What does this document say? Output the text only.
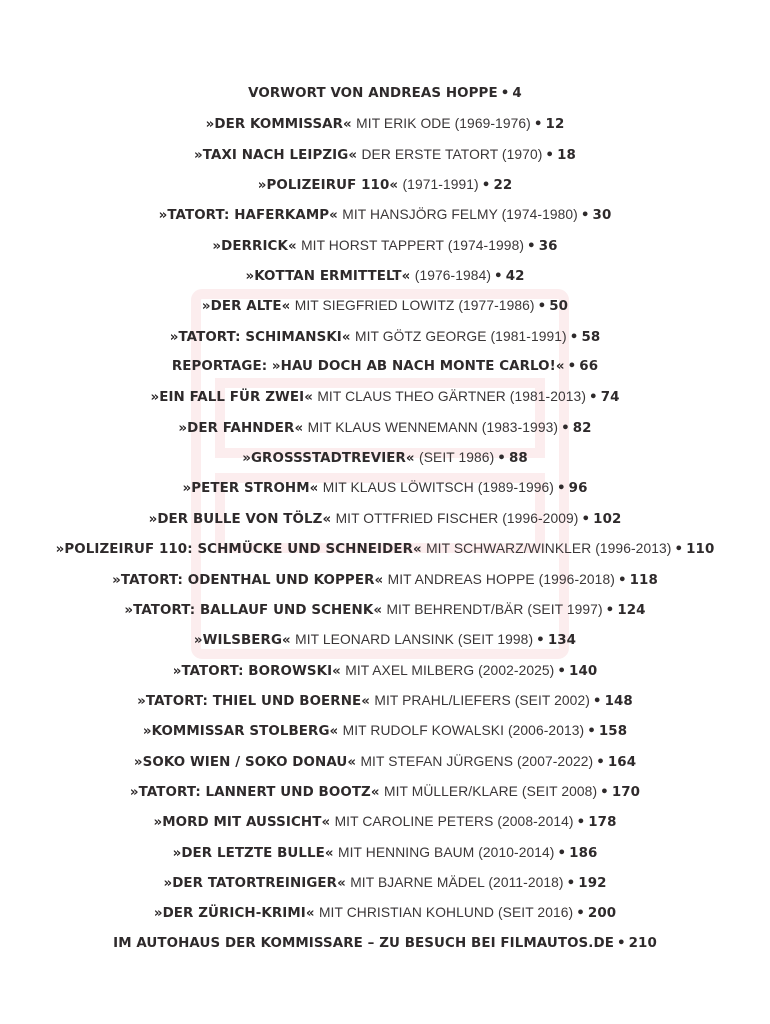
VORWORT VON ANDREAS HOPPE • 4
»DER KOMMISSAR« MIT ERIK ODE (1969-1976) • 12
»TAXI NACH LEIPZIG« DER ERSTE TATORT (1970) • 18
»POLIZEIRUF 110« (1971-1991) • 22
»TATORT: HAFERKAMP« MIT HANSJÖRG FELMY (1974-1980) • 30
»DERRICK« MIT HORST TAPPERT (1974-1998) • 36
»KOTTAN ERMITTELT« (1976-1984) • 42
»DER ALTE« MIT SIEGFRIED LOWITZ (1977-1986) • 50
»TATORT: SCHIMANSKI« MIT GÖTZ GEORGE (1981-1991) • 58
REPORTAGE: »HAU DOCH AB NACH MONTE CARLO!« • 66
»EIN FALL FÜR ZWEI« MIT CLAUS THEO GÄRTNER (1981-2013) • 74
»DER FAHNDER« MIT KLAUS WENNEMANN (1983-1993) • 82
»GROSSSTADTREVIER« (SEIT 1986) • 88
»PETER STROHM« MIT KLAUS LÖWITSCH (1989-1996) • 96
»DER BULLE VON TÖLZ« MIT OTTFRIED FISCHER (1996-2009) • 102
»POLIZEIRUF 110: SCHMÜCKE UND SCHNEIDER« MIT SCHWARZ/WINKLER (1996-2013) • 110
»TATORT: ODENTHAL UND KOPPER« MIT ANDREAS HOPPE (1996-2018) • 118
»TATORT: BALLAUF UND SCHENK« MIT BEHRENDT/BÄR (SEIT 1997) • 124
»WILSBERG« MIT LEONARD LANSINK (SEIT 1998) • 134
»TATORT: BOROWSKI« MIT AXEL MILBERG (2002-2025) • 140
»TATORT: THIEL UND BOERNE« MIT PRAHL/LIEFERS (SEIT 2002) • 148
»KOMMISSAR STOLBERG« MIT RUDOLF KOWALSKI (2006-2013) • 158
»SOKO WIEN / SOKO DONAU« MIT STEFAN JÜRGENS (2007-2022) • 164
»TATORT: LANNERT UND BOOTZ« MIT MÜLLER/KLARE (SEIT 2008) • 170
»MORD MIT AUSSICHT« MIT CAROLINE PETERS (2008-2014) • 178
»DER LETZTE BULLE« MIT HENNING BAUM (2010-2014) • 186
»DER TATORTREINIGER« MIT BJARNE MÄDEL (2011-2018) • 192
»DER ZÜRICH-KRIMI« MIT CHRISTIAN KOHLUND (SEIT 2016) • 200
IM AUTOHAUS DER KOMMISSARE – ZU BESUCH BEI FILMAUTOS.DE • 210
